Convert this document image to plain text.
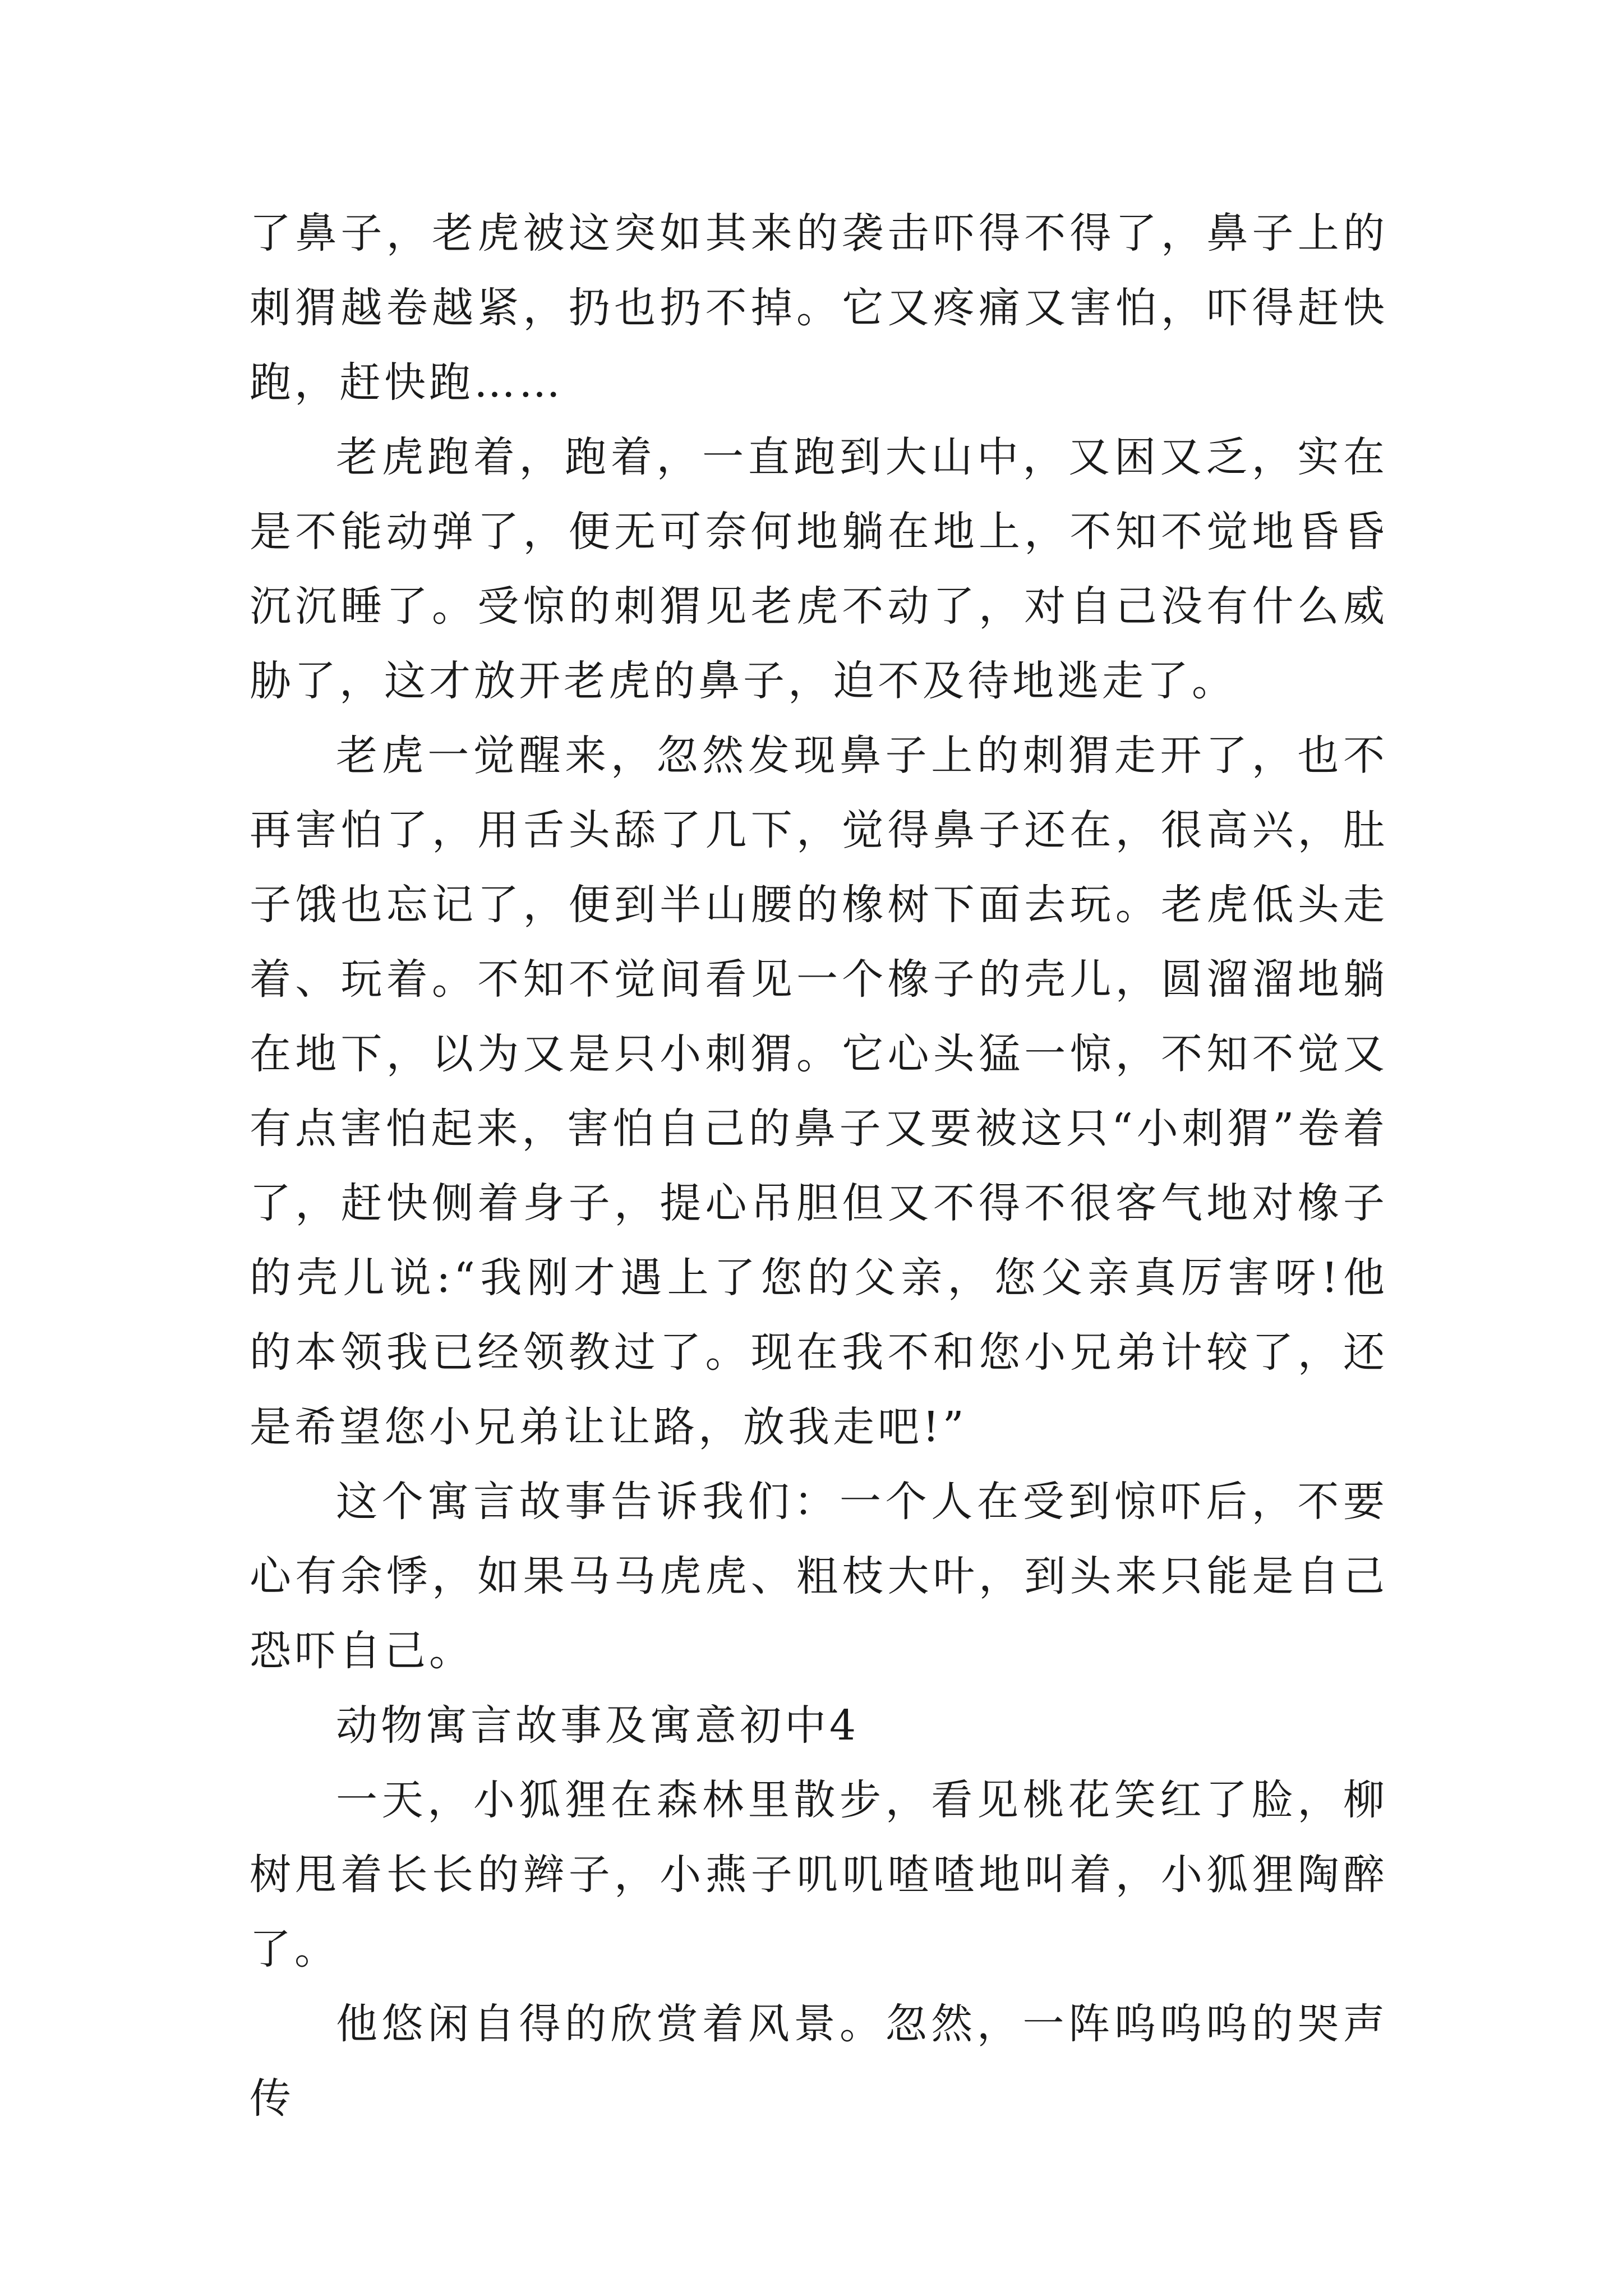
了鼻子，老虎被这突如其来的袭击吓得不得了，鼻子上的刺猬越卷越紧，扔也扔不掉。它又疼痛又害怕，吓得赶快跑，赶快跑……

老虎跑着，跑着，一直跑到大山中，又困又乏，实在是不能动弹了，便无可奈何地躺在地上，不知不觉地昏昏沉沉睡了。受惊的刺猬见老虎不动了，对自己没有什么威胁了，这才放开老虎的鼻子，迫不及待地逃走了。

老虎一觉醒来，忽然发现鼻子上的刺猬走开了，也不再害怕了，用舌头舔了几下，觉得鼻子还在，很高兴，肚子饿也忘记了，便到半山腰的橡树下面去玩。老虎低头走着、玩着。不知不觉间看见一个橡子的壳儿，圆溜溜地躺在地下，以为又是只小刺猬。它心头猛一惊，不知不觉又有点害怕起来，害怕自己的鼻子又要被这只“小刺猬”卷着了，赶快侧着身子，提心吊胆但又不得不很客气地对橡子的壳儿说:“我刚才遇上了您的父亲，您父亲真厉害呀!他的本领我已经领教过了。现在我不和您小兄弟计较了，还是希望您小兄弟让让路，放我走吧!”

这个寓言故事告诉我们：一个人在受到惊吓后，不要心有余悸，如果马马虎虎、粗枝大叶，到头来只能是自己恐吓自己。

动物寓言故事及寓意初中4

一天，小狐狸在森林里散步，看见桃花笑红了脸，柳树甩着长长的辫子，小燕子叽叽喳喳地叫着，小狐狸陶醉了。

他悠闲自得的欣赏着风景。忽然，一阵呜呜呜的哭声传
